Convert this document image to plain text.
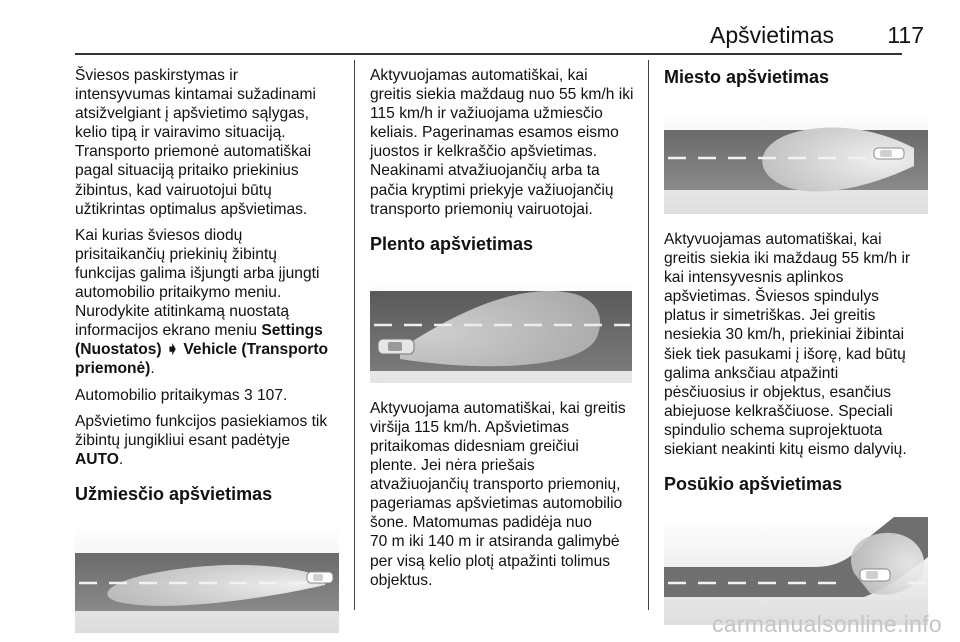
Apšvietimas 117

Šviesos paskirstymas ir
intensyvumas kintamai sužadinami
atsižvelgiant į apšvietimo sąlygas,
kelio tipą ir vairavimo situaciją.
Transporto priemonė automatiškai
pagal situaciją pritaiko priekinius
žibintus, kad vairuotojui būtų
užtikrintas optimalus apšvietimas.

Kai kurias šviesos diodų
prisitaikančių priekinių žibintų
funkcijas galima išjungti arba įjungti
automobilio pritaikymo meniu.
Nurodykite atitinkamą nuostatą
informacijos ekrano meniu Settings
(Nuostatos) ➧ Vehicle (Transporto
priemonė).

Automobilio pritaikymas 3 107.

Apšvietimo funkcijos pasiekiamos tik
žibintų jungikliui esant padėtyje
AUTO.

Užmiesčio apšvietimas

Aktyvuojamas automatiškai, kai
greitis siekia maždaug nuo 55 km/h iki
115 km/h ir važiuojama užmiesčio
keliais. Pagerinamas esamos eismo
juostos ir kelkraščio apšvietimas.
Neakinami atvažiuojančių arba ta
pačia kryptimi priekyje važiuojančių
transporto priemonių vairuotojai.

Plento apšvietimas

Aktyvuojama automatiškai, kai greitis
viršija 115 km/h. Apšvietimas
pritaikomas didesniam greičiui
plente. Jei nėra priešais
atvažiuojančių transporto priemonių,
pageriamas apšvietimas automobilio
šone. Matomumas padidėja nuo
70 m iki 140 m ir atsiranda galimybė
per visą kelio plotį atpažinti tolimus
objektus.

Miesto apšvietimas

Aktyvuojamas automatiškai, kai
greitis siekia iki maždaug 55 km/h ir
kai intensyvesnis aplinkos
apšvietimas. Šviesos spindulys
platus ir simetriškas. Jei greitis
nesiekia 30 km/h, priekiniai žibintai
šiek tiek pasukami į išorę, kad būtų
galima anksčiau atpažinti
pėsčiuosius ir objektus, esančius
abiejuose kelkraščiuose. Speciali
spindulio schema suprojektuota
siekiant neakinti kitų eismo dalyvių.

Posūkio apšvietimas
carmanualsonline.info
